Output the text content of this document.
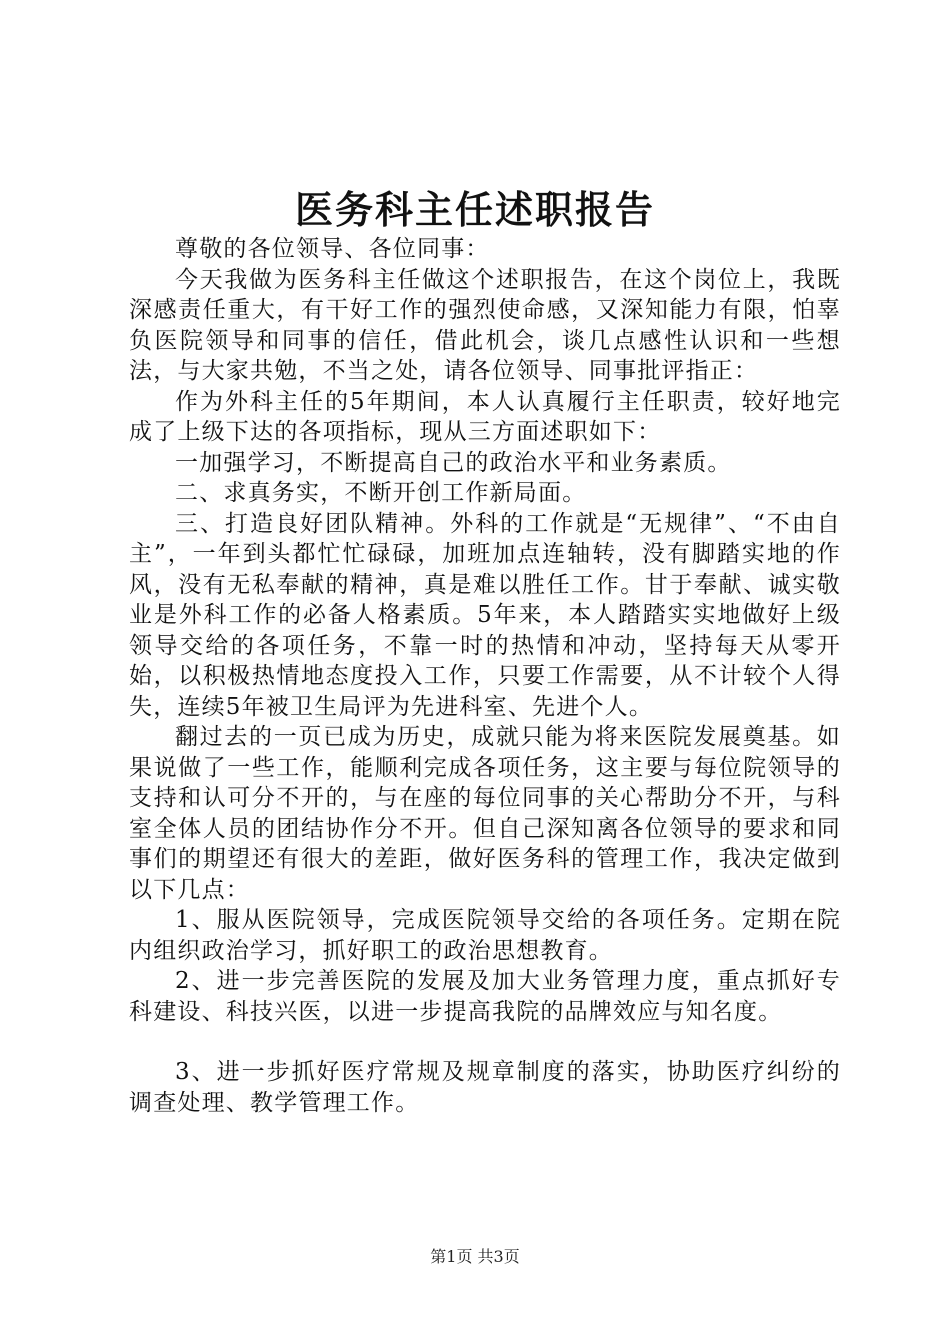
医务科主任述职报告

尊敬的各位领导、各位同事：

今天我做为医务科主任做这个述职报告，在这个岗位上，我既深感责任重大，有干好工作的强烈使命感，又深知能力有限，怕辜负医院领导和同事的信任，借此机会，谈几点感性认识和一些想法，与大家共勉，不当之处，请各位领导、同事批评指正：

作为外科主任的5年期间，本人认真履行主任职责，较好地完成了上级下达的各项指标，现从三方面述职如下：

一加强学习，不断提高自己的政治水平和业务素质。

二、求真务实，不断开创工作新局面。

三、打造良好团队精神。外科的工作就是“无规律”、“不由自主”，一年到头都忙忙碌碌，加班加点连轴转，没有脚踏实地的作风，没有无私奉献的精神，真是难以胜任工作。甘于奉献、诚实敬业是外科工作的必备人格素质。5年来，本人踏踏实实地做好上级领导交给的各项任务，不靠一时的热情和冲动，坚持每天从零开始，以积极热情地态度投入工作，只要工作需要，从不计较个人得失，连续5年被卫生局评为先进科室、先进个人。

翻过去的一页已成为历史，成就只能为将来医院发展奠基。如果说做了一些工作，能顺利完成各项任务，这主要与每位院领导的支持和认可分不开的，与在座的每位同事的关心帮助分不开，与科室全体人员的团结协作分不开。但自己深知离各位领导的要求和同事们的期望还有很大的差距，做好医务科的管理工作，我决定做到以下几点：

1、服从医院领导，完成医院领导交给的各项任务。定期在院内组织政治学习，抓好职工的政治思想教育。

2、进一步完善医院的发展及加大业务管理力度，重点抓好专科建设、科技兴医，以进一步提高我院的品牌效应与知名度。

3、进一步抓好医疗常规及规章制度的落实，协助医疗纠纷的调查处理、教学管理工作。

第1页 共3页
